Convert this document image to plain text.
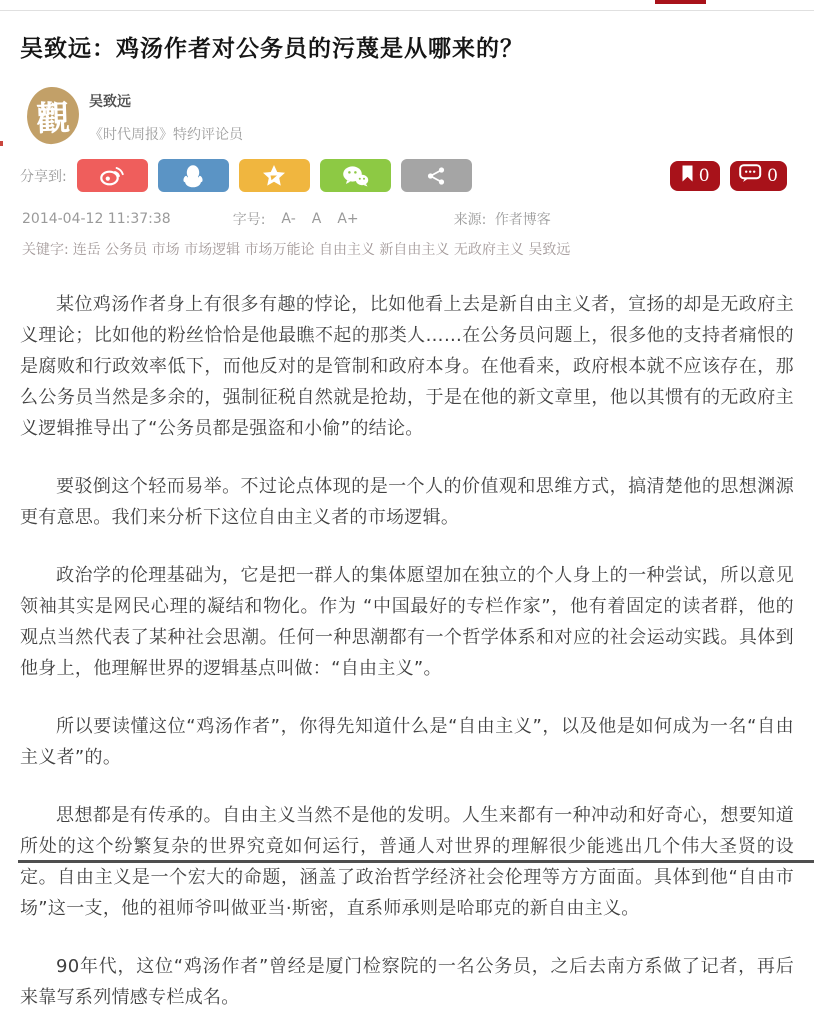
吴致远：鸡汤作者对公务员的污蔑是从哪来的？
觀 吴致远
《时代周报》特约评论员
分享到:	0	0
2014-04-12 11:37:38	字号: A- A A+	来源: 作者博客
关键字: 连岳 公务员 市场 市场逻辑 市场万能论 自由主义 新自由主义 无政府主义 吴致远

某位鸡汤作者身上有很多有趣的悖论，比如他看上去是新自由主义者，宣扬的却是无政府主义理论；比如他的粉丝恰恰是他最瞧不起的那类人……在公务员问题上，很多他的支持者痛恨的是腐败和行政效率低下，而他反对的是管制和政府本身。在他看来，政府根本就不应该存在，那么公务员当然是多余的，强制征税自然就是抢劫，于是在他的新文章里，他以其惯有的无政府主义逻辑推导出了“公务员都是强盗和小偷”的结论。

要驳倒这个轻而易举。不过论点体现的是一个人的价值观和思维方式，搞清楚他的思想渊源更有意思。我们来分析下这位自由主义者的市场逻辑。

政治学的伦理基础为，它是把一群人的集体愿望加在独立的个人身上的一种尝试，所以意见领袖其实是网民心理的凝结和物化。作为 “中国最好的专栏作家”，他有着固定的读者群，他的观点当然代表了某种社会思潮。任何一种思潮都有一个哲学体系和对应的社会运动实践。具体到他身上，他理解世界的逻辑基点叫做：“自由主义”。

所以要读懂这位“鸡汤作者”，你得先知道什么是“自由主义”，以及他是如何成为一名“自由主义者”的。

思想都是有传承的。自由主义当然不是他的发明。人生来都有一种冲动和好奇心，想要知道所处的这个纷繁复杂的世界究竟如何运行，普通人对世界的理解很少能逃出几个伟大圣贤的设定。自由主义是一个宏大的命题，涵盖了政治哲学经济社会伦理等方方面面。具体到他“自由市场”这一支，他的祖师爷叫做亚当·斯密，直系师承则是哈耶克的新自由主义。

90年代，这位“鸡汤作者”曾经是厦门检察院的一名公务员，之后去南方系做了记者，再后来靠写系列情感专栏成名。
